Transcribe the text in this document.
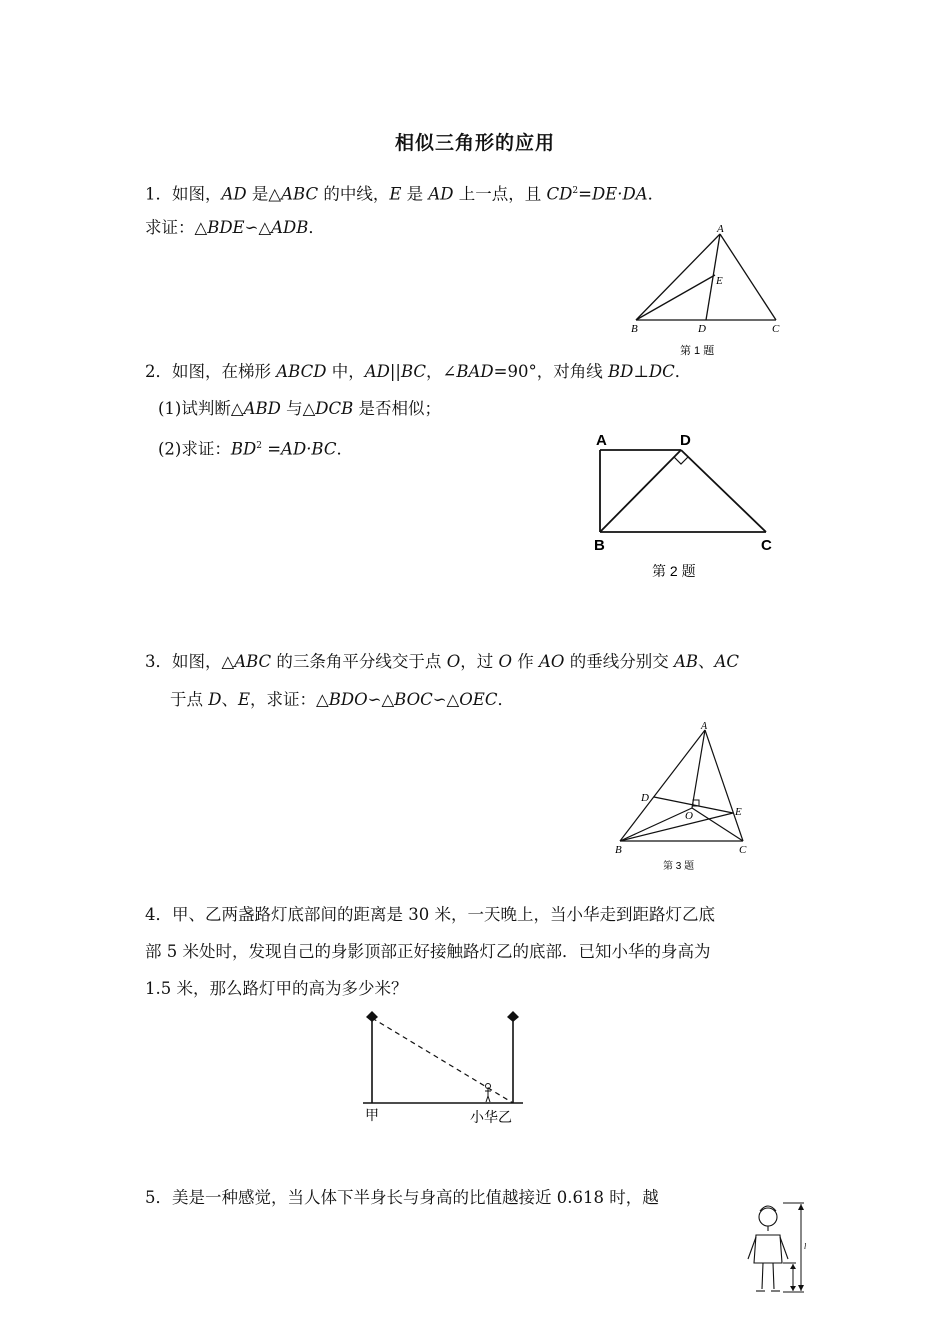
相似三角形的应用
1．如图，AD 是△ABC 的中线，E 是 AD 上一点，且 $CD^2=DE\cdot DA$．
求证：△BDE∽△ADB．	A
B	C
D
E
第 1 题
2．如图，在梯形 ABCD 中，AD||BC，∠BAD=90°，对角线 BD⊥DC．
(1)试判断△ABD 与△DCB 是否相似；
(2)求证：$BD^2 =AD\cdot BC$．	A	D
B	C
第 2 题
3．如图，△ABC 的三条角平分线交于点 O，过 O 作 AO 的垂线分别交 AB、AC
于点 D、E，求证：△BDO∽△BOC∽△OEC．
A
D
E
O
B	C
第 3 题
4．甲、乙两盏路灯底部间的距离是 30 米，一天晚上，当小华走到距路灯乙底
部 5 米处时，发现自己的身影顶部正好接触路灯乙的底部．已知小华的身高为
1.5 米，那么路灯甲的高为多少米？
甲	小华乙
5．美是一种感觉，当人体下半身长与身高的比值越接近 0.618 时，越
l
